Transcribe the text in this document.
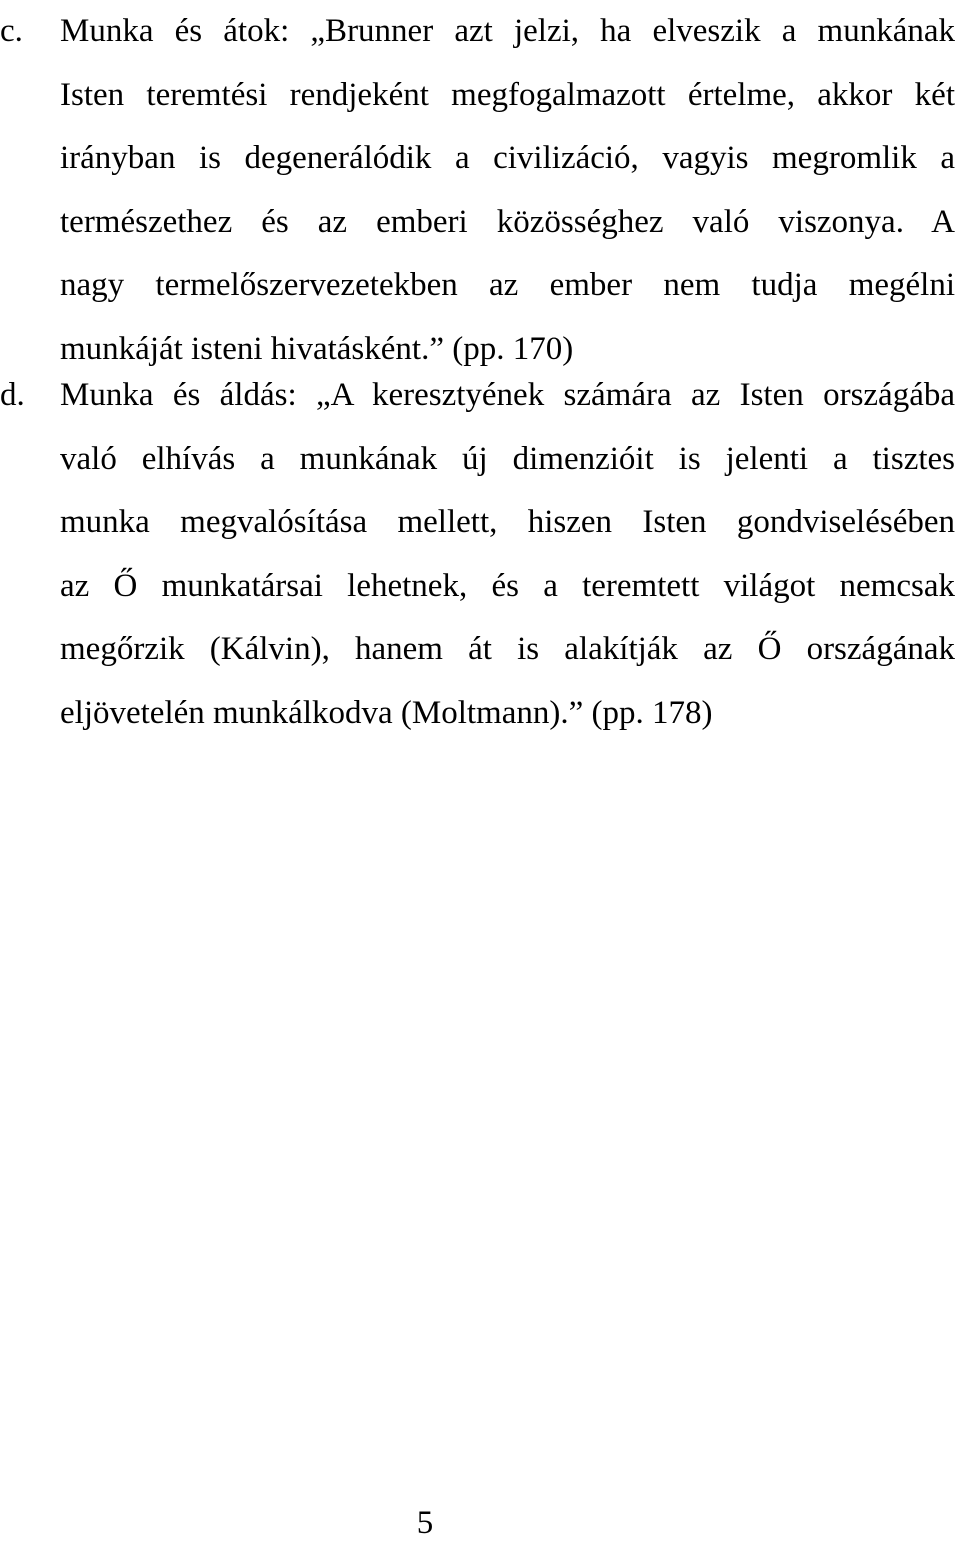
c.	Munka és átok: „Brunner azt jelzi, ha elveszik a munkának
Isten teremtési rendjeként megfogalmazott értelme, akkor két
irányban is degenerálódik a civilizáció, vagyis megromlik a
természethez és az emberi közösséghez való viszonya. A
nagy termelőszervezetekben az ember nem tudja megélni
munkáját isteni hivatásként.” (pp. 170)
d.	Munka és áldás: „A keresztyének számára az Isten országába
való elhívás a munkának új dimenzióit is jelenti a tisztes
munka megvalósítása mellett, hiszen Isten gondviselésében
az Ő munkatársai lehetnek, és a teremtett világot nemcsak
megőrzik (Kálvin), hanem át is alakítják az Ő országának
eljövetelén munkálkodva (Moltmann).” (pp. 178)
5
